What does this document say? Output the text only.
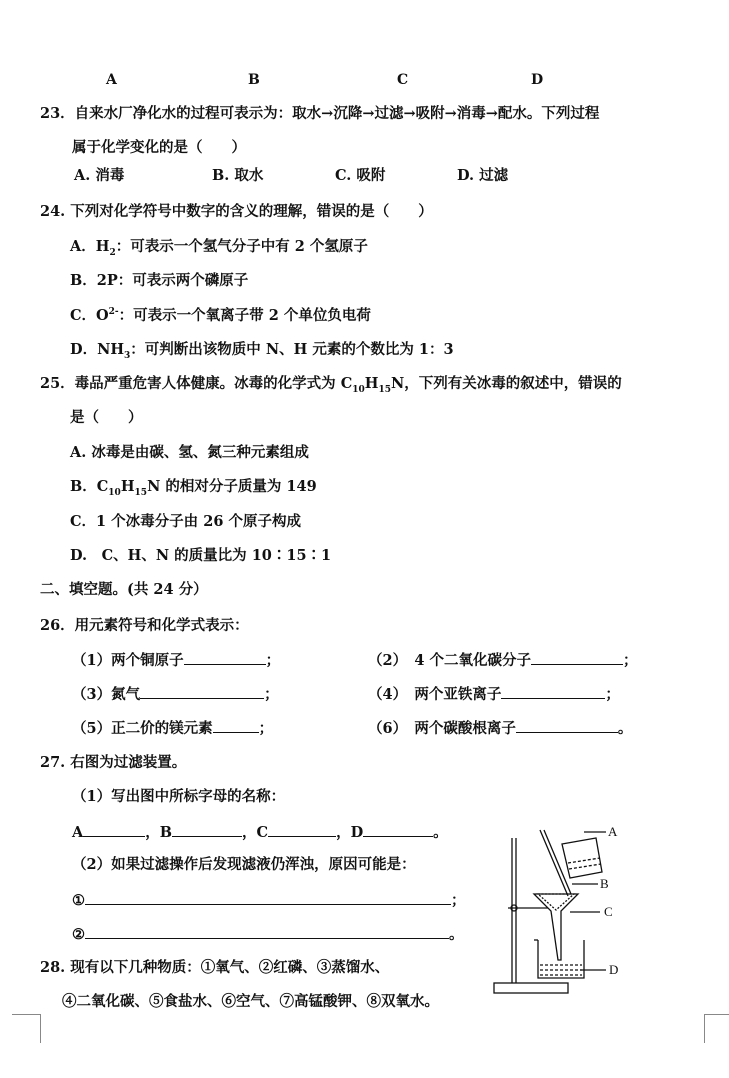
A	B	C	D
23．自来水厂净化水的过程可表示为：取水→沉降→过滤→吸附→消毒→配水。下列过程
属于化学变化的是（　　）
A. 消毒	B. 取水	C. 吸附	D. 过滤
24. 下列对化学符号中数字的含义的理解，错误的是（　　）
A．$H_2$：可表示一个氢气分子中有 2 个氢原子
B．2P：可表示两个磷原子
C．$O^{2-}$：可表示一个氧离子带 2 个单位负电荷
D．$NH_3$：可判断出该物质中 N、H 元素的个数比为 1：3
25．毒品严重危害人体健康。冰毒的化学式为 $C_{10}H_{15}N$，下列有关冰毒的叙述中，错误的
是（　　）
A. 冰毒是由碳、氢、氮三种元素组成
B．$C_{10}H_{15}N$ 的相对分子质量为 149
C．1 个冰毒分子由 26 个原子构成
D.　C、H、N 的质量比为 10∶15∶1
二、填空题。(共 24 分）
26．用元素符号和化学式表示：
（1）两个铜原子	；	（2）　4 个二氧化碳分子	；
（3）氮气	；	（4）　两个亚铁离子	；
（5）正二价的镁元素	；	（6）　两个碳酸根离子	。
27. 右图为过滤装置。
（1）写出图中所标字母的名称：
A	，B	，C	，D	。
（2）如果过滤操作后发现滤液仍浑浊，原因可能是：
①	；
②	。
A
B
C
D
28. 现有以下几种物质：①氧气、②红磷、③蒸馏水、
④二氧化碳、⑤食盐水、⑥空气、⑦高锰酸钾、⑧双氧水。
